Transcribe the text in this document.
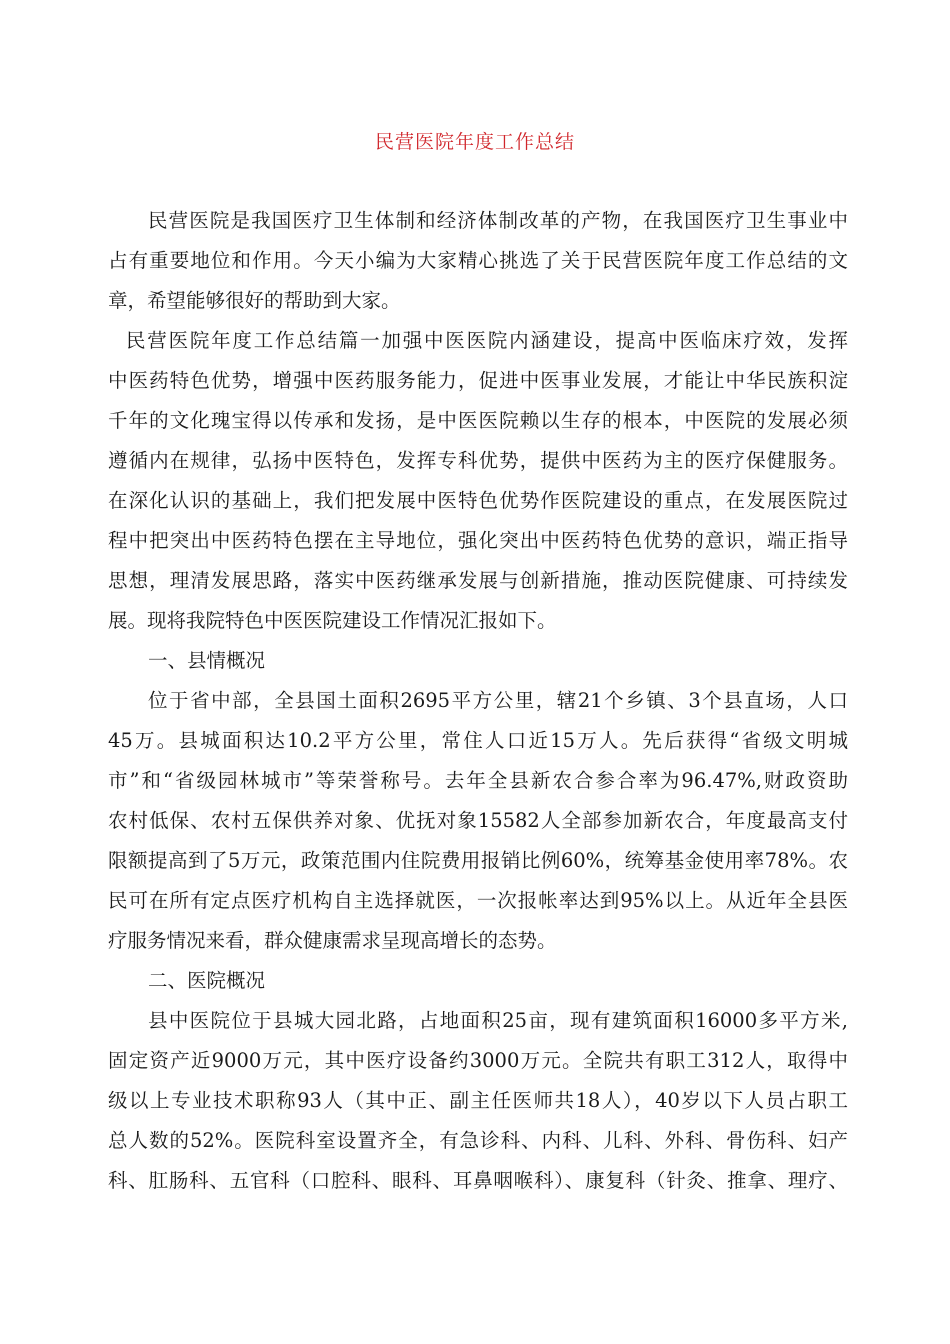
民营医院年度工作总结
民营医院是我国医疗卫生体制和经济体制改革的产物，在我国医疗卫生事业中
占有重要地位和作用。今天小编为大家精心挑选了关于民营医院年度工作总结的文
章，希望能够很好的帮助到大家。
民营医院年度工作总结篇一加强中医医院内涵建设，提高中医临床疗效，发挥
中医药特色优势，增强中医药服务能力，促进中医事业发展，才能让中华民族积淀
千年的文化瑰宝得以传承和发扬，是中医医院赖以生存的根本，中医院的发展必须
遵循内在规律，弘扬中医特色，发挥专科优势，提供中医药为主的医疗保健服务。
在深化认识的基础上，我们把发展中医特色优势作医院建设的重点，在发展医院过
程中把突出中医药特色摆在主导地位，强化突出中医药特色优势的意识，端正指导
思想，理清发展思路，落实中医药继承发展与创新措施，推动医院健康、可持续发
展。现将我院特色中医医院建设工作情况汇报如下。
一、县情概况
位于省中部，全县国土面积2695平方公里，辖21个乡镇、3个县直场，人口
45万。县城面积达10.2平方公里，常住人口近15万人。先后获得“省级文明城
市”和“省级园林城市”等荣誉称号。去年全县新农合参合率为96.47%,财政资助
农村低保、农村五保供养对象、优抚对象15582人全部参加新农合，年度最高支付
限额提高到了5万元，政策范围内住院费用报销比例60%，统筹基金使用率78%。农
民可在所有定点医疗机构自主选择就医，一次报帐率达到95%以上。从近年全县医
疗服务情况来看，群众健康需求呈现高增长的态势。
二、医院概况
县中医院位于县城大园北路，占地面积25亩，现有建筑面积16000多平方米,
固定资产近9000万元，其中医疗设备约3000万元。全院共有职工312人，取得中
级以上专业技术职称93人（其中正、副主任医师共18人），40岁以下人员占职工
总人数的52%。医院科室设置齐全，有急诊科、内科、儿科、外科、骨伤科、妇产
科、肛肠科、五官科（口腔科、眼科、耳鼻咽喉科）、康复科（针灸、推拿、理疗、
